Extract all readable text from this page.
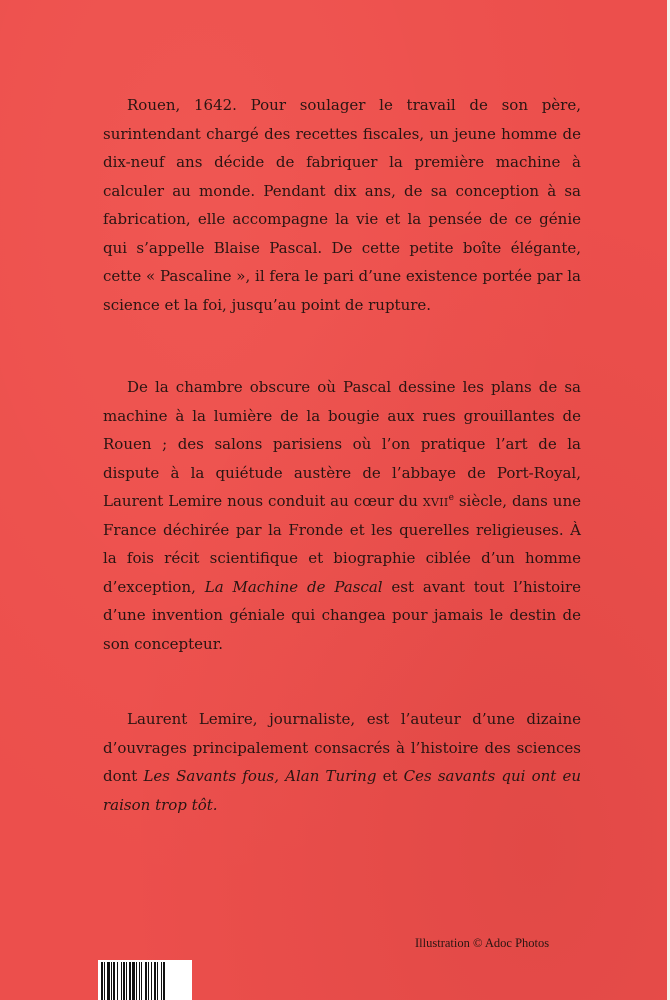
Rouen, 1642. Pour soulager le travail de son père, surintendant chargé des recettes fiscales, un jeune homme de dix-neuf ans décide de fabriquer la première machine à calculer au monde. Pendant dix ans, de sa conception à sa fabrication, elle accompagne la vie et la pensée de ce génie qui s’appelle Blaise Pascal. De cette petite boîte élégante, cette « Pascaline », il fera le pari d’une existence portée par la science et la foi, jusqu’au point de rupture.

De la chambre obscure où Pascal dessine les plans de sa machine à la lumière de la bougie aux rues grouillantes de Rouen ; des salons parisiens où l’on pratique l’art de la dispute à la quiétude austère de l’abbaye de Port-Royal, Laurent Lemire nous conduit au cœur du xvii$^e$ siècle, dans une France déchirée par la Fronde et les querelles religieuses. À la fois récit scientifique et biographie ciblée d’un homme d’exception, La Machine de Pascal est avant tout l’histoire d’une invention géniale qui changea pour jamais le destin de son concepteur.

Laurent Lemire, journaliste, est l’auteur d’une dizaine d’ouvrages principalement consacrés à l’histoire des sciences dont Les Savants fous, Alan Turing et Ces savants qui ont eu raison trop tôt.

Illustration © Adoc Photos
